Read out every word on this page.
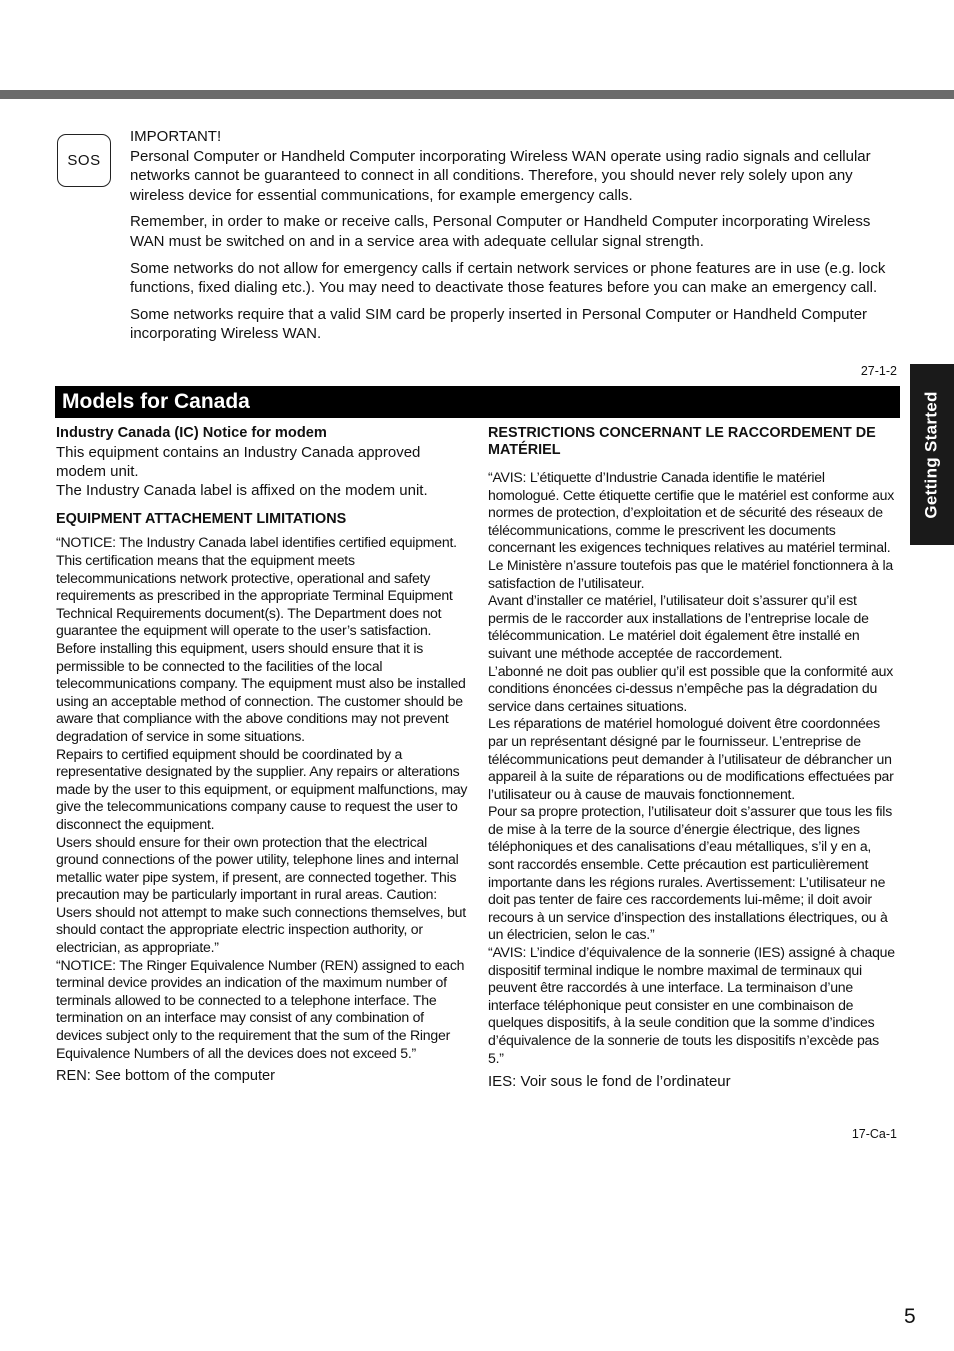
SOS

IMPORTANT!

Personal Computer or Handheld Computer incorporating Wireless WAN operate using radio signals and cellular networks cannot be guaranteed to connect in all conditions. Therefore, you should never rely solely upon any wireless device for essential communications, for example emergency calls.

Remember, in order to make or receive calls, Personal Computer or Handheld Computer incorporating Wireless WAN must be switched on and in a service area with adequate cellular signal strength.

Some networks do not allow for emergency calls if certain network services or phone features are in use (e.g. lock functions, fixed dialing etc.). You may need to deactivate those features before you can make an emergency call.

Some networks require that a valid SIM card be properly inserted in Personal Computer or Handheld Computer incorporating Wireless WAN.

27-1-2
Models for Canada	Getting Started

Industry Canada (IC) Notice for modem

This equipment contains an Industry Canada approved modem unit.

The Industry Canada label is affixed on the modem unit.

EQUIPMENT ATTACHEMENT LIMITATIONS

“NOTICE: The Industry Canada label identifies certified equipment. This certification means that the equipment meets telecommunications network protective, operational and safety requirements as prescribed in the appropriate Terminal Equipment Technical Requirements document(s). The Department does not guarantee the equipment will operate to the user’s satisfaction.

Before installing this equipment, users should ensure that it is permissible to be connected to the facilities of the local telecommunications company. The equipment must also be installed using an acceptable method of connection. The customer should be aware that compliance with the above conditions may not prevent degradation of service in some situations.

Repairs to certified equipment should be coordinated by a representative designated by the supplier. Any repairs or alterations made by the user to this equipment, or equipment malfunctions, may give the telecommunications company cause to request the user to disconnect the equipment.

Users should ensure for their own protection that the electrical ground connections of the power utility, telephone lines and internal metallic water pipe system, if present, are connected together. This precaution may be particularly important in rural areas. Caution: Users should not attempt to make such connections themselves, but should contact the appropriate electric inspection authority, or electrician, as appropriate.”

“NOTICE: The Ringer Equivalence Number (REN) assigned to each terminal device provides an indication of the maximum number of terminals allowed to be connected to a telephone interface. The termination on an interface may consist of any combination of devices subject only to the requirement that the sum of the Ringer Equivalence Numbers of all the devices does not exceed 5.”

REN: See bottom of the computer

RESTRICTIONS CONCERNANT LE RACCORDEMENT DE MATÉRIEL

“AVIS: L’étiquette d’Industrie Canada identifie le matériel homologué. Cette étiquette certifie que le matériel est conforme aux normes de protection, d’exploitation et de sécurité des réseaux de télécommunications, comme le prescrivent les documents concernant les exigences techniques relatives au matériel terminal. Le Ministère n’assure toutefois pas que le matériel fonctionnera à la satisfaction de l’utilisateur.

Avant d’installer ce matériel, l’utilisateur doit s’assurer qu’il est permis de le raccorder aux installations de l’entreprise locale de télécommunication. Le matériel doit également être installé en suivant une méthode acceptée de raccordement.

L’abonné ne doit pas oublier qu’il est possible que la conformité aux conditions énoncées ci-dessus n’empêche pas la dégradation du service dans certaines situations.

Les réparations de matériel homologué doivent être coordonnées par un représentant désigné par le fournisseur. L’entreprise de télécommunications peut demander à l’utilisateur de débrancher un appareil à la suite de réparations ou de modifications effectuées par l’utilisateur ou à cause de mauvais fonctionnement.

Pour sa propre protection, l’utilisateur doit s’assurer que tous les fils de mise à la terre de la source d’énergie électrique, des lignes téléphoniques et des canalisations d’eau métalliques, s’il y en a, sont raccordés ensemble. Cette précaution est particulièrement importante dans les régions rurales. Avertissement: L’utilisateur ne doit pas tenter de faire ces raccordements lui-même; il doit avoir recours à un service d’inspection des installations électriques, ou à un électricien, selon le cas.”

“AVIS: L’indice d’équivalence de la sonnerie (IES) assigné à chaque dispositif terminal indique le nombre maximal de terminaux qui peuvent être raccordés à une interface. La terminaison d’une interface téléphonique peut consister en une combinaison de quelques dispositifs, à la seule condition que la somme d’indices d’équivalence de la sonnerie de touts les dispositifs n’excède pas 5.”

IES: Voir sous le fond de l’ordinateur

17-Ca-1
5
